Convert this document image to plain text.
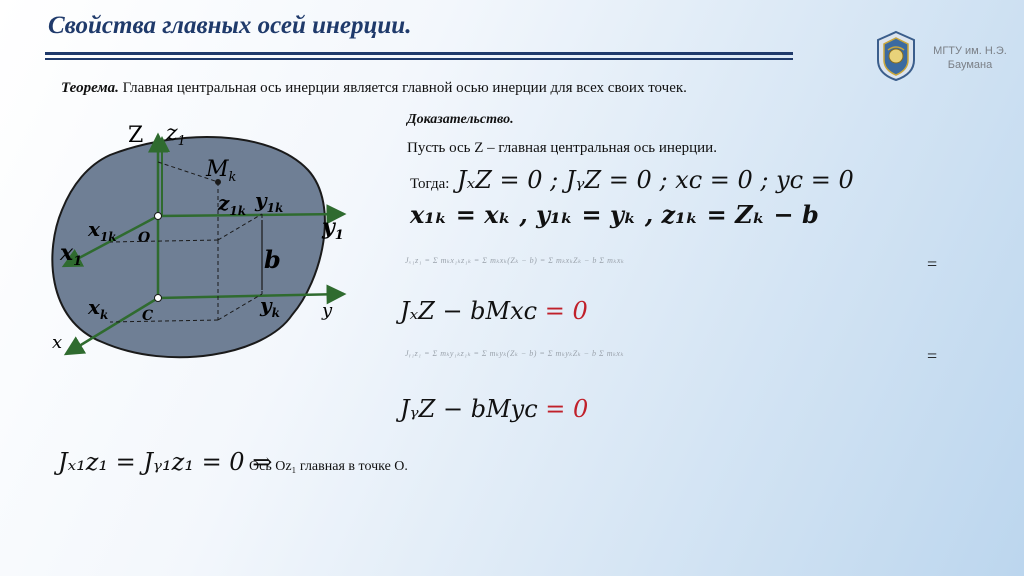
Свойства главных осей инерции.
МГТУ им. Н.Э. Баумана
Теорема. Главная центральная ось инерции является главной осью инерции для всех своих точек.
Z $z_1$
$M_k$
$z_{1k}$ $y_{1k}$
$x_{1k}$	$y_1$
O
$x_1$	b
$x_k$	$y_k$
C	y
x
Доказательство.
Пусть ось Z – главная центральная ось инерции.
Тогда: JₓZ = 0 ; JᵧZ = 0 ; xᴄ = 0 ; yᴄ = 0
x₁ₖ = xₖ , y₁ₖ = yₖ , z₁ₖ = Zₖ − b
Jₓ₁z₁ = Σ mₖx₁ₖz₁ₖ = Σ mₖxₖ(Zₖ − b) = Σ mₖxₖZₖ − b Σ mₖxₖ	=
JₓZ − bMxᴄ = 0
Jᵧ₁z₁ = Σ mₖy₁ₖz₁ₖ = Σ mₖyₖ(Zₖ − b) = Σ mₖyₖZₖ − b Σ mₖxₖ	=
JᵧZ − bMyᴄ = 0
Jₓ₁z₁ = Jᵧ₁z₁ = 0 ⇒
Ось Oz₁ главная в точке O.
